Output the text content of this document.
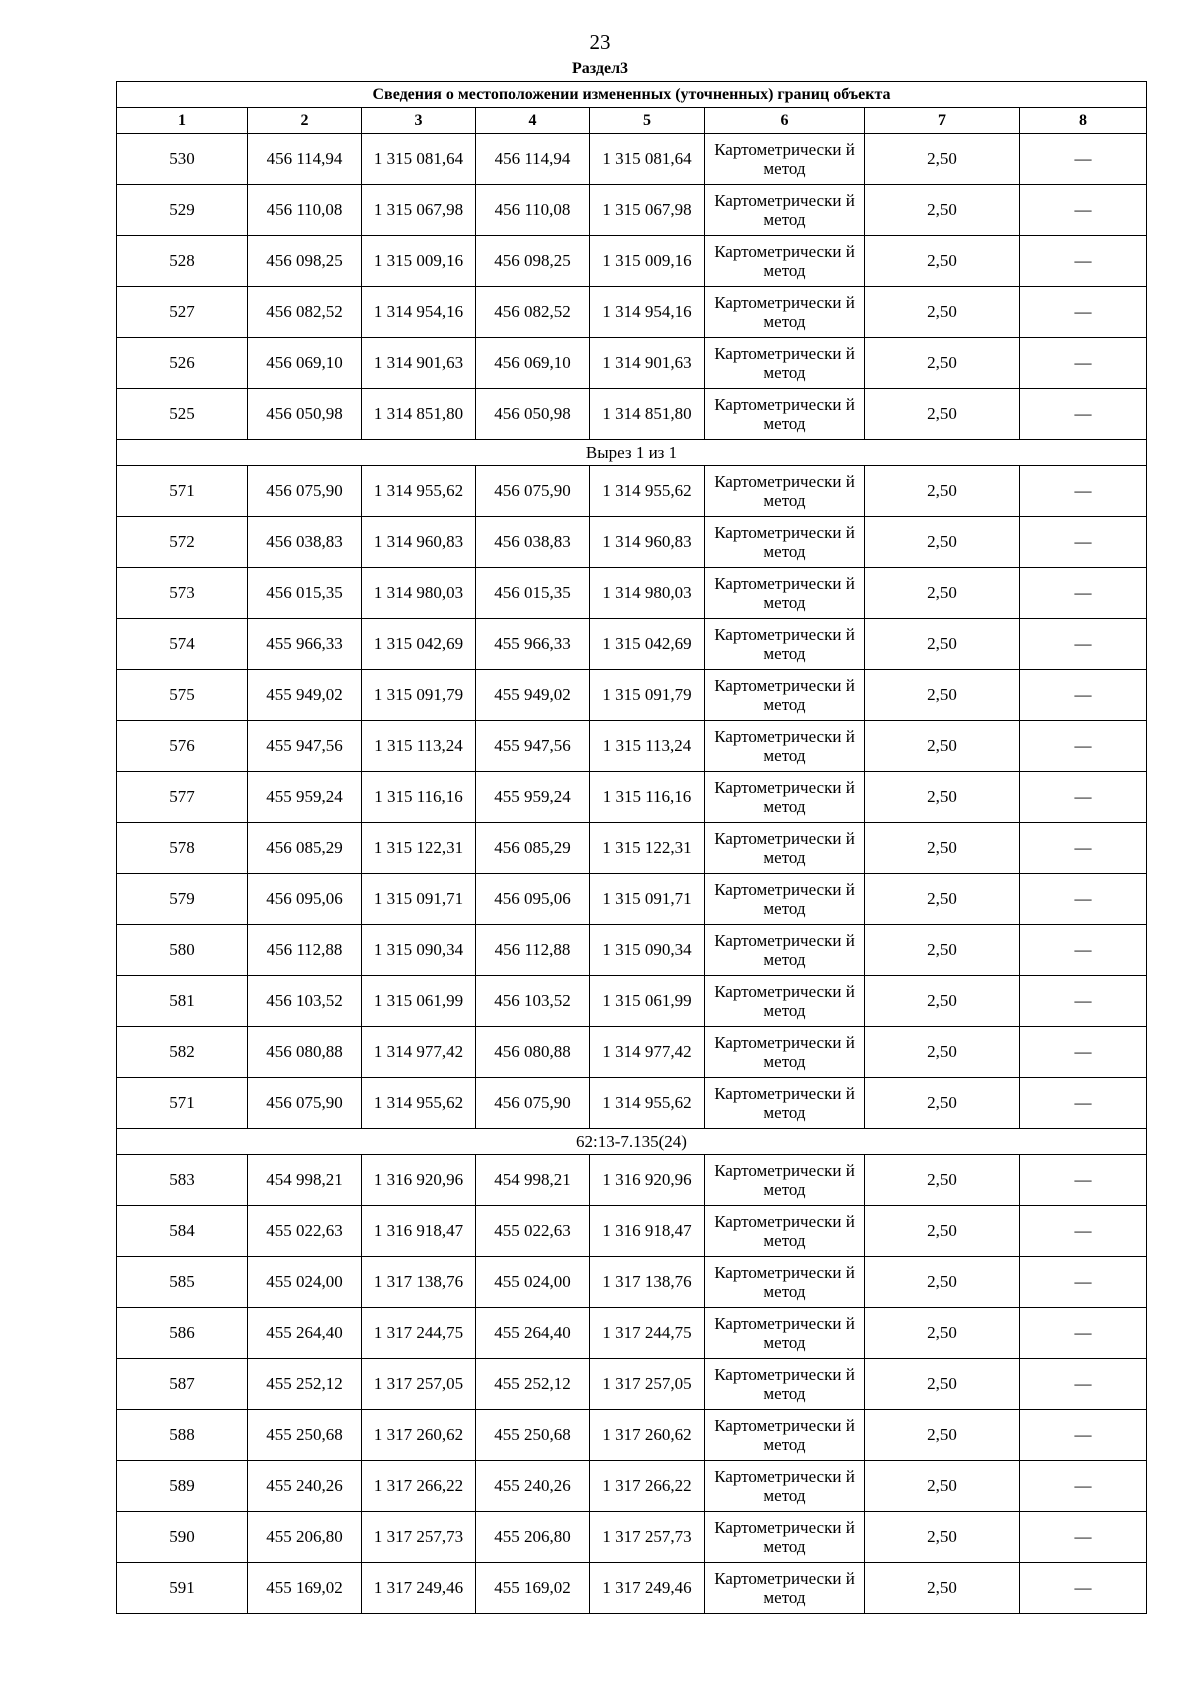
23
Раздел3
Сведения о местоположении измененных (уточненных) границ объекта							
1	2	3	4	5	6	7	8
530	456 114,94	1 315 081,64	456 114,94	1 315 081,64	Картометрически й метод	2,50	—
529	456 110,08	1 315 067,98	456 110,08	1 315 067,98	Картометрически й метод	2,50	—
528	456 098,25	1 315 009,16	456 098,25	1 315 009,16	Картометрически й метод	2,50	—
527	456 082,52	1 314 954,16	456 082,52	1 314 954,16	Картометрически й метод	2,50	—
526	456 069,10	1 314 901,63	456 069,10	1 314 901,63	Картометрически й метод	2,50	—
525	456 050,98	1 314 851,80	456 050,98	1 314 851,80	Картометрически й метод	2,50	—
Вырез 1 из 1							
571	456 075,90	1 314 955,62	456 075,90	1 314 955,62	Картометрически й метод	2,50	—
572	456 038,83	1 314 960,83	456 038,83	1 314 960,83	Картометрически й метод	2,50	—
573	456 015,35	1 314 980,03	456 015,35	1 314 980,03	Картометрически й метод	2,50	—
574	455 966,33	1 315 042,69	455 966,33	1 315 042,69	Картометрически й метод	2,50	—
575	455 949,02	1 315 091,79	455 949,02	1 315 091,79	Картометрически й метод	2,50	—
576	455 947,56	1 315 113,24	455 947,56	1 315 113,24	Картометрически й метод	2,50	—
577	455 959,24	1 315 116,16	455 959,24	1 315 116,16	Картометрически й метод	2,50	—
578	456 085,29	1 315 122,31	456 085,29	1 315 122,31	Картометрически й метод	2,50	—
579	456 095,06	1 315 091,71	456 095,06	1 315 091,71	Картометрически й метод	2,50	—
580	456 112,88	1 315 090,34	456 112,88	1 315 090,34	Картометрически й метод	2,50	—
581	456 103,52	1 315 061,99	456 103,52	1 315 061,99	Картометрически й метод	2,50	—
582	456 080,88	1 314 977,42	456 080,88	1 314 977,42	Картометрически й метод	2,50	—
571	456 075,90	1 314 955,62	456 075,90	1 314 955,62	Картометрически й метод	2,50	—
62:13-7.135(24)							
583	454 998,21	1 316 920,96	454 998,21	1 316 920,96	Картометрически й метод	2,50	—
584	455 022,63	1 316 918,47	455 022,63	1 316 918,47	Картометрически й метод	2,50	—
585	455 024,00	1 317 138,76	455 024,00	1 317 138,76	Картометрически й метод	2,50	—
586	455 264,40	1 317 244,75	455 264,40	1 317 244,75	Картометрически й метод	2,50	—
587	455 252,12	1 317 257,05	455 252,12	1 317 257,05	Картометрически й метод	2,50	—
588	455 250,68	1 317 260,62	455 250,68	1 317 260,62	Картометрически й метод	2,50	—
589	455 240,26	1 317 266,22	455 240,26	1 317 266,22	Картометрически й метод	2,50	—
590	455 206,80	1 317 257,73	455 206,80	1 317 257,73	Картометрически й метод	2,50	—
591	455 169,02	1 317 249,46	455 169,02	1 317 249,46	Картометрически й метод	2,50	—
